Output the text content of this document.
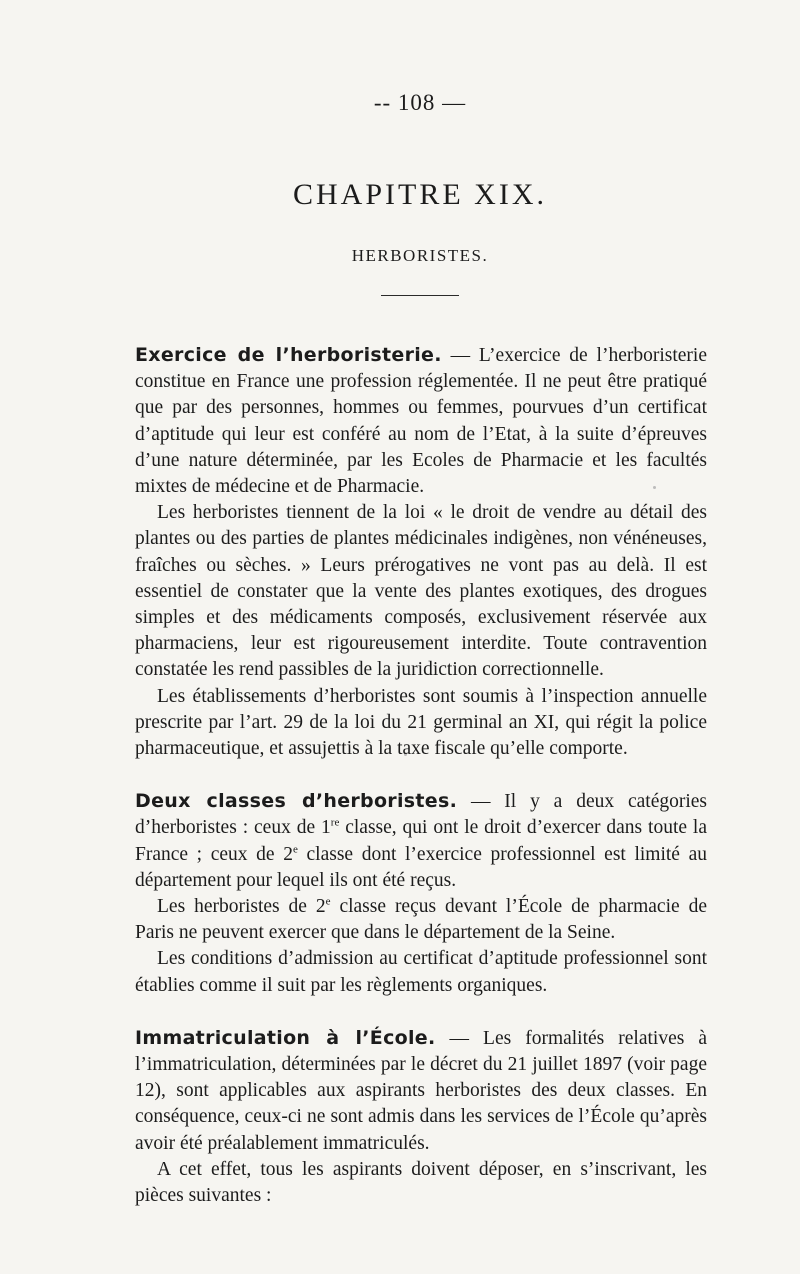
-- 108 —
CHAPITRE XIX.
HERBORISTES.

Exercice de l’herboristerie. — L’exercice de l’herboristerie constitue en France une profession réglementée. Il ne peut être pratiqué que par des personnes, hommes ou femmes, pourvues d’un certificat d’aptitude qui leur est conféré au nom de l’Etat, à la suite d’épreuves d’une nature déterminée, par les Ecoles de Pharmacie et les facultés mixtes de médecine et de Pharmacie.

Les herboristes tiennent de la loi « le droit de vendre au détail des plantes ou des parties de plantes médicinales indigènes, non vénéneuses, fraîches ou sèches. » Leurs prérogatives ne vont pas au delà. Il est essentiel de constater que la vente des plantes exotiques, des drogues simples et des médicaments composés, exclusivement réservée aux pharmaciens, leur est rigoureusement interdite. Toute contravention constatée les rend passibles de la juridiction correctionnelle.

Les établissements d’herboristes sont soumis à l’inspection annuelle prescrite par l’art. 29 de la loi du 21 germinal an XI, qui régit la police pharmaceutique, et assujettis à la taxe fiscale qu’elle comporte.

Deux classes d’herboristes. — Il y a deux catégories d’herboristes : ceux de 1re classe, qui ont le droit d’exercer dans toute la France ; ceux de 2e classe dont l’exercice professionnel est limité au département pour lequel ils ont été reçus.

Les herboristes de 2e classe reçus devant l’École de pharmacie de Paris ne peuvent exercer que dans le département de la Seine.

Les conditions d’admission au certificat d’aptitude professionnel sont établies comme il suit par les règlements organiques.

Immatriculation à l’École. — Les formalités relatives à l’immatriculation, déterminées par le décret du 21 juillet 1897 (voir page 12), sont applicables aux aspirants herboristes des deux classes. En conséquence, ceux-ci ne sont admis dans les services de l’École qu’après avoir été préalablement immatriculés.

A cet effet, tous les aspirants doivent déposer, en s’inscrivant, les pièces suivantes :
